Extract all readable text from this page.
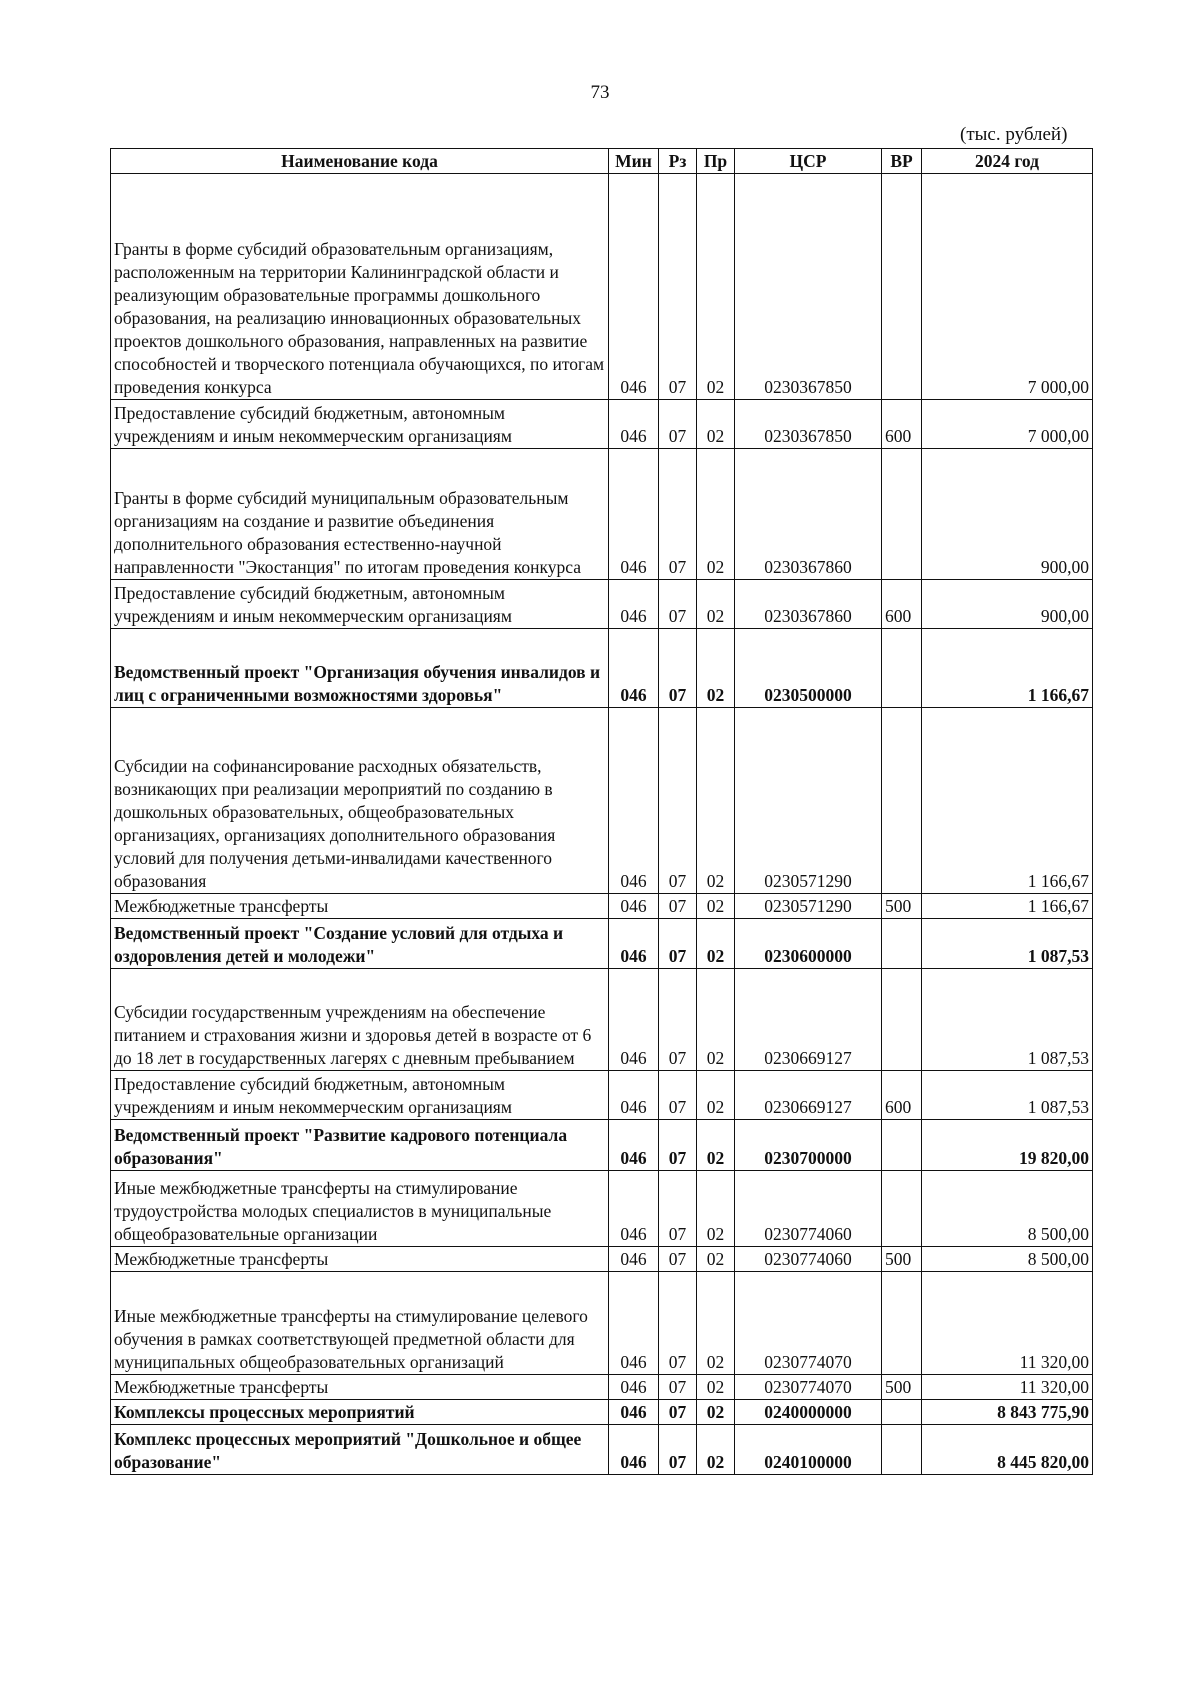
73
(тыс. рублей)
Наименование кода	Мин	Рз	Пр	ЦСР	ВР	2024 год
Гранты в форме субсидий образовательным организациям, расположенным на территории Калининградской области и реализующим образовательные программы дошкольного образования, на реализацию инновационных образовательных проектов дошкольного образования, направленных на развитие способностей и творческого потенциала обучающихся, по итогам проведения конкурса	046	07	02	0230367850		7 000,00
Предоставление субсидий бюджетным, автономным учреждениям и иным некоммерческим организациям	046	07	02	0230367850	600	7 000,00
Гранты в форме субсидий муниципальным образовательным организациям на создание и развитие объединения дополнительного образования естественно-научной направленности "Экостанция" по итогам проведения конкурса	046	07	02	0230367860		900,00
Предоставление субсидий бюджетным, автономным учреждениям и иным некоммерческим организациям	046	07	02	0230367860	600	900,00
Ведомственный проект "Организация обучения инвалидов и лиц с ограниченными возможностями здоровья"	046	07	02	0230500000		1 166,67
Субсидии на софинансирование расходных обязательств, возникающих при реализации мероприятий по созданию в дошкольных образовательных, общеобразовательных организациях, организациях дополнительного образования условий для получения детьми-инвалидами качественного образования	046	07	02	0230571290		1 166,67
Межбюджетные трансферты	046	07	02	0230571290	500	1 166,67
Ведомственный проект "Создание условий для отдыха и оздоровления детей и молодежи"	046	07	02	0230600000		1 087,53
Субсидии государственным учреждениям на обеспечение питанием и страхования жизни и здоровья детей в возрасте от 6 до 18 лет в государственных лагерях с дневным пребыванием	046	07	02	0230669127		1 087,53
Предоставление субсидий бюджетным, автономным учреждениям и иным некоммерческим организациям	046	07	02	0230669127	600	1 087,53
Ведомственный проект "Развитие кадрового потенциала образования"	046	07	02	0230700000		19 820,00
Иные межбюджетные трансферты на стимулирование трудоустройства молодых специалистов в муниципальные общеобразовательные организации	046	07	02	0230774060		8 500,00
Межбюджетные трансферты	046	07	02	0230774060	500	8 500,00
Иные межбюджетные трансферты на стимулирование целевого обучения в рамках соответствующей предметной области для муниципальных общеобразовательных организаций	046	07	02	0230774070		11 320,00
Межбюджетные трансферты	046	07	02	0230774070	500	11 320,00
Комплексы процессных мероприятий	046	07	02	0240000000		8 843 775,90
Комплекс процессных мероприятий "Дошкольное и общее образование"	046	07	02	0240100000		8 445 820,00
